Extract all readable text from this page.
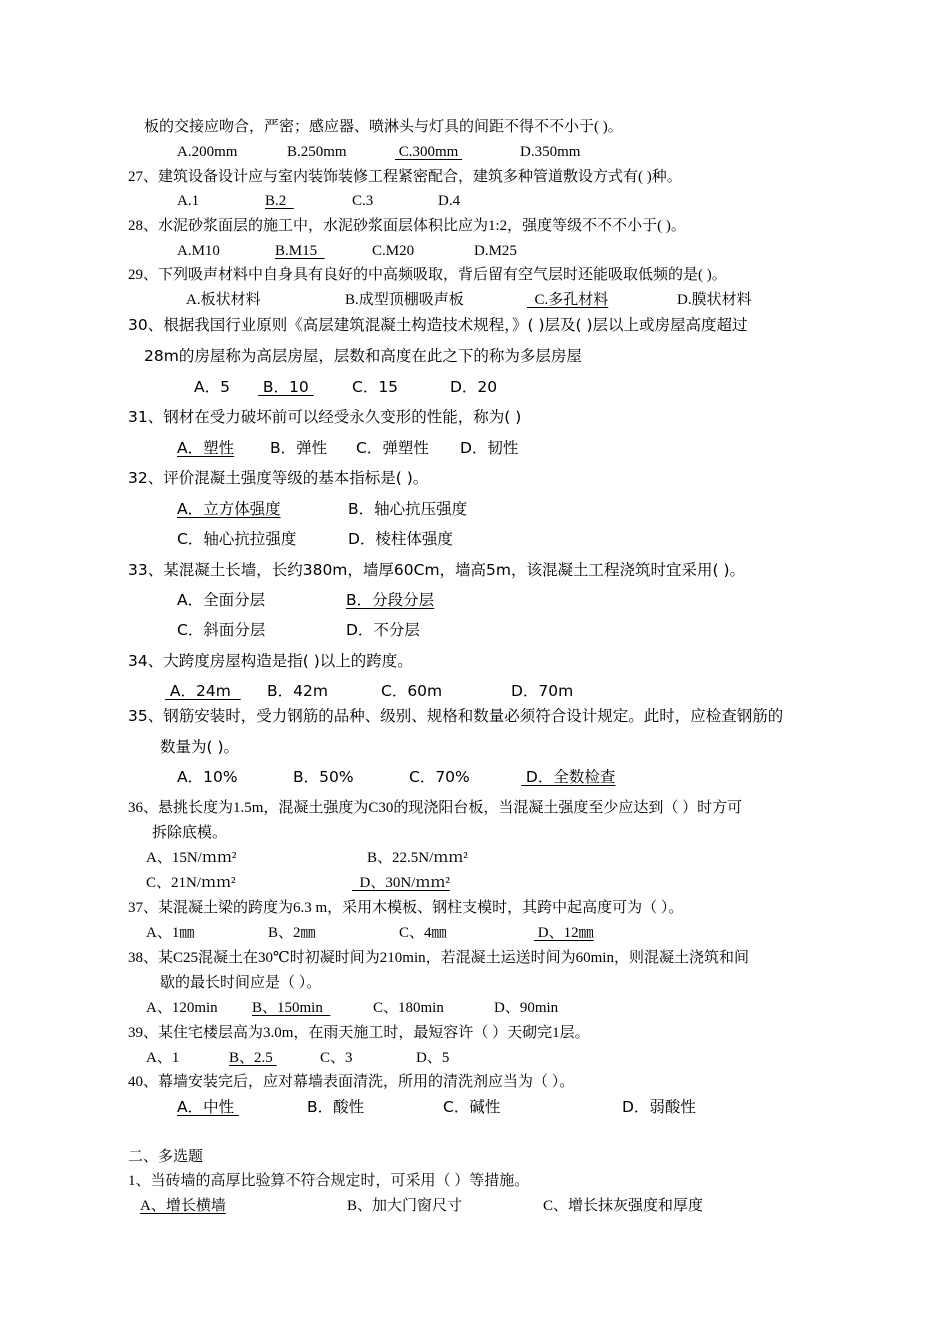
板的交接应吻合，严密；感应器、喷淋头与灯具的间距不得不不小于( )。
A.200mm	B.250mm	C.300mm	D.350mm
27、建筑设备设计应与室内装饰装修工程紧密配合，建筑多种管道敷设方式有( )种。
A.1	B.2	C.3	D.4
28、水泥砂浆面层的施工中，水泥砂浆面层体积比应为1:2，强度等级不不不小于( )。
A.M10	B.M15	C.M20	D.M25
29、下列吸声材料中自身具有良好的中高频吸取，背后留有空气层时还能吸取低频的是( )。
A.板状材料	B.成型顶棚吸声板	C.多孔材料	D.膜状材料
30、根据我国行业原则《高层建筑混凝土构造技术规程，》( )层及( )层以上或房屋高度超过
28m的房屋称为高层房屋，层数和高度在此之下的称为多层房屋
A．5 B．10 C．15	D．20
31、钢材在受力破坏前可以经受永久变形的性能，称为( )
A．塑性 B．弹性 C．弹塑性 D．韧性
32、评价混凝土强度等级的基本指标是( )。
A．立方体强度	B．轴心抗压强度
C．轴心抗拉强度	D．棱柱体强度
33、某混凝土长墙，长约380m，墙厚60Cm，墙高5m，该混凝土工程浇筑时宜采用( )。
A．全面分层	B．分段分层
C．斜面分层	D．不分层
34、大跨度房屋构造是指( )以上的跨度。
A．24m B．42m	C．60m	D．70m
35、钢筋安装时，受力钢筋的品种、级别、规格和数量必须符合设计规定。此时，应检查钢筋的
数量为( )。
A．10%	B．50%	C．70%	D．全数检查
36、悬挑长度为1.5m，混凝土强度为C30的现浇阳台板，当混凝土强度至少应达到（ ）时方可
拆除底模。
A、15N/ｍｍ²	B、22.5N/ｍｍ²
C、21N/ｍｍ²	D、30N/ｍｍ²
37、某混凝土梁的跨度为6.3 m，采用木模板、钢柱支模时，其跨中起高度可为（ ）。
A、1㎜	B、2㎜	C、4㎜	D、12㎜
38、某C25混凝土在30℃时初凝时间为210min，若混凝土运送时间为60min，则混凝土浇筑和间
歇的最长时间应是（ ）。
A、120min B、150min	C、180min	D、90min
39、某住宅楼层高为3.0m，在雨天施工时，最短容许（ ）天砌完1层。
A、1	B、2.5	C、3	D、5
40、幕墙安装完后，应对幕墙表面清洗，所用的清洗剂应当为（ ）。
A．中性	B．酸性	C．碱性	D．弱酸性
二、多选题
1、当砖墙的高厚比验算不符合规定时，可采用（ ）等措施。
A、增长横墙	B、加大门窗尺寸	C、增长抹灰强度和厚度
